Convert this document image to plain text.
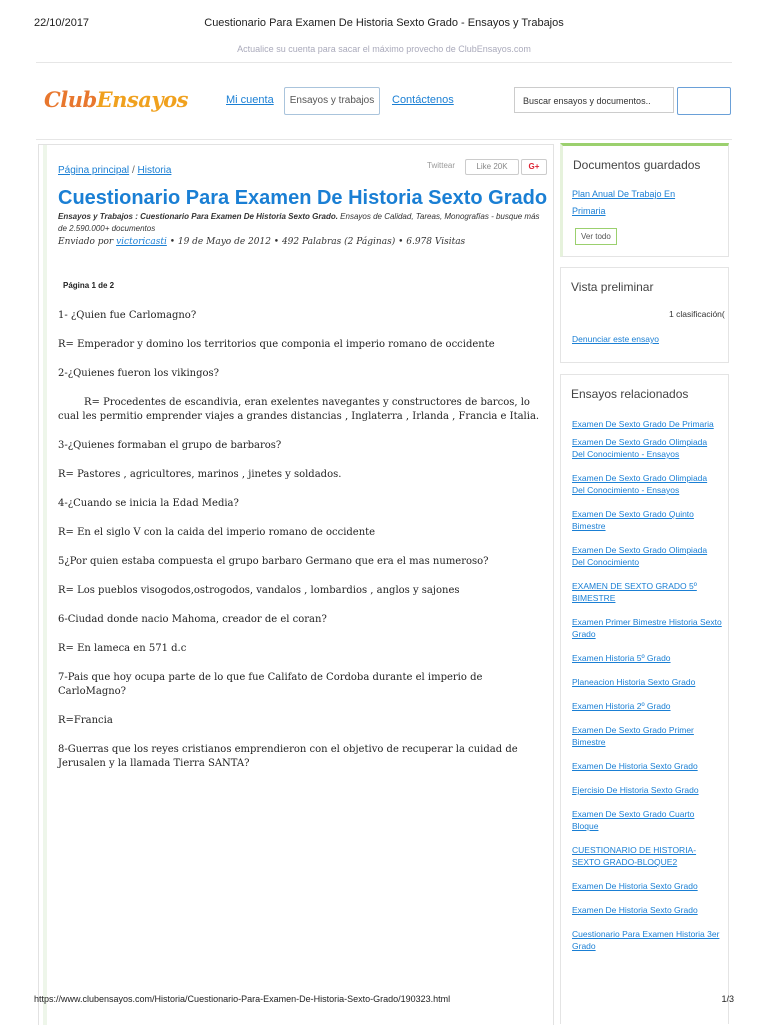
22/10/2017	Cuestionario Para Examen De Historia Sexto Grado - Ensayos y Trabajos
Actualice su cuenta para sacar el máximo provecho de ClubEnsayos.com
ClubEnsayos	Mi cuenta	Ensayos y trabajos	Contáctenos	Buscar ensayos y documentos..
Página principal / Historia	Twittear	Like 20K	G+
Cuestionario Para Examen De Historia Sexto Grado
Ensayos y Trabajos : Cuestionario Para Examen De Historia Sexto Grado. Ensayos de Calidad, Tareas, Monografías - busque más de 2.590.000+ documentos
Enviado por victoricasti • 19 de Mayo de 2012 • 492 Palabras (2 Páginas) • 6.978 Visitas
Página 1 de 2

1- ¿Quien fue Carlomagno?

R= Emperador y domino los territorios que componia el imperio romano de occidente

2-¿Quienes fueron los vikingos?

R= Procedentes de escandivia, eran exelentes navegantes y constructores de barcos, lo cual les permitio emprender viajes a grandes distancias , Inglaterra , Irlanda , Francia e Italia.

3-¿Quienes formaban el grupo de barbaros?

R= Pastores , agricultores, marinos , jinetes y soldados.

4-¿Cuando se inicia la Edad Media?

R= En el siglo V con la caida del imperio romano de occidente

5¿Por quien estaba compuesta el grupo barbaro Germano que era el mas numeroso?

R= Los pueblos visogodos,ostrogodos, vandalos , lombardios , anglos y sajones

6-Ciudad donde nacio Mahoma, creador de el coran?

R= En lameca en 571 d.c

7-Pais que hoy ocupa parte de lo que fue Califato de Cordoba durante el imperio de CarloMagno?

R=Francia

8-Guerras que los reyes cristianos emprendieron con el objetivo de recuperar la cuidad de Jerusalen y la llamada Tierra SANTA?

Documentos guardados
Plan Anual De Trabajo En Primaria
Ver todo
Vista preliminar
1 clasificación(
Denunciar este ensayo
Ensayos relacionados
Examen De Sexto Grado De Primaria
Examen De Sexto Grado Olimpiada Del Conocimiento - Ensayos
Examen De Sexto Grado Olimpiada Del Conocimiento - Ensayos
Examen De Sexto Grado Quinto Bimestre
Examen De Sexto Grado Olimpiada Del Conocimiento
EXAMEN DE SEXTO GRADO 5º BIMESTRE
Examen Primer Bimestre Historia Sexto Grado
Examen Historia 5º Grado
Planeacion Historia Sexto Grado
Examen Historia 2º Grado
Examen De Sexto Grado Primer Bimestre
Examen De Historia Sexto Grado
Ejercisio De Historia Sexto Grado
Examen De Sexto Grado Cuarto Bloque
CUESTIONARIO DE HISTORIA-SEXTO GRADO-BLOQUE2
Examen De Historia Sexto Grado
Examen De Historia Sexto Grado
Cuestionario Para Examen Historia 3er Grado
https://www.clubensayos.com/Historia/Cuestionario-Para-Examen-De-Historia-Sexto-Grado/190323.html	1/3
